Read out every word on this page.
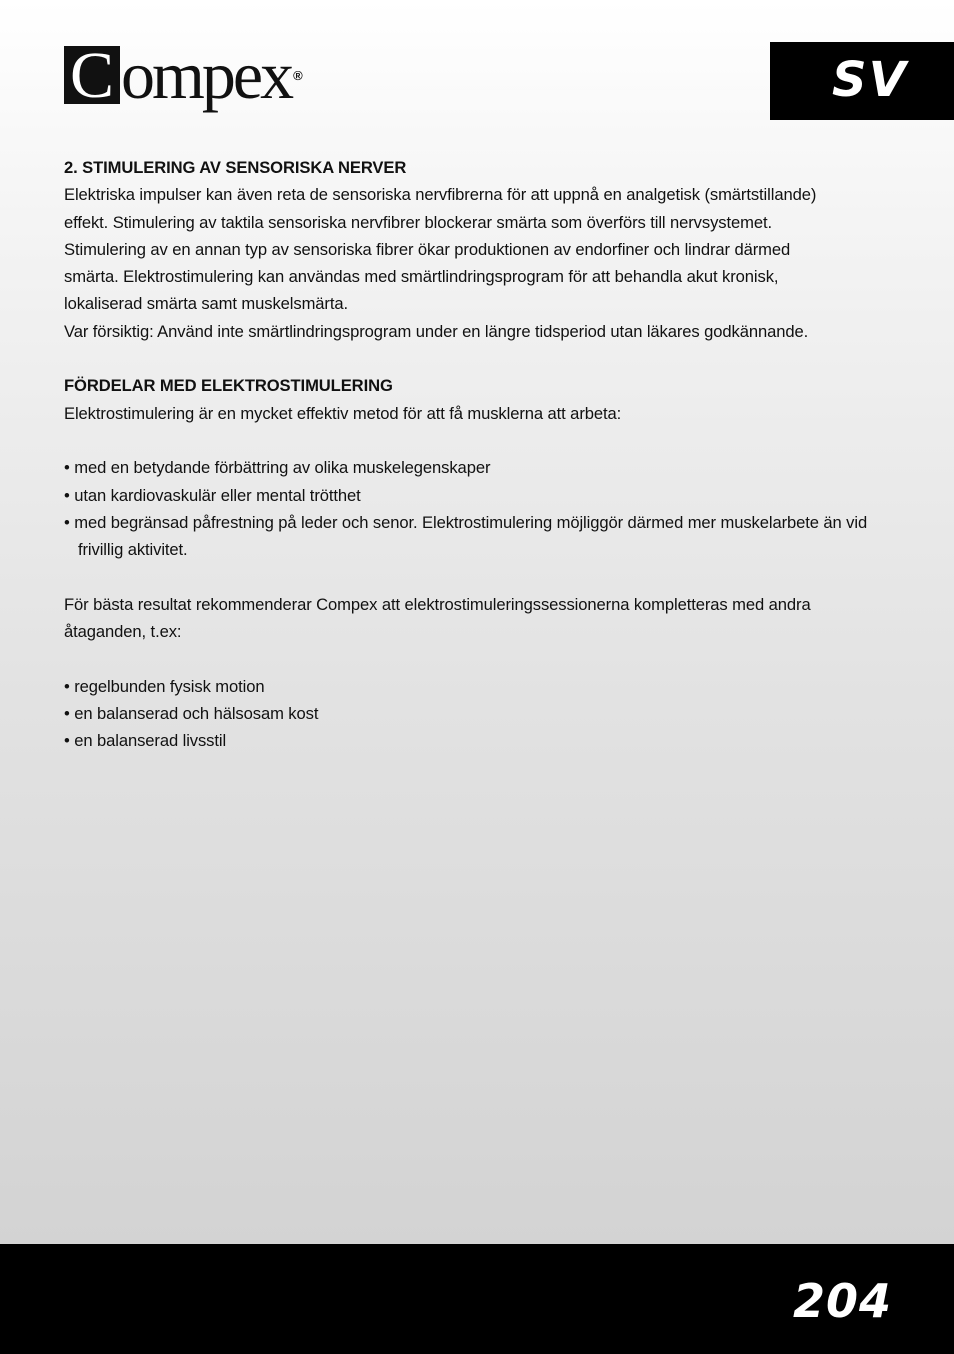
C ompex ®	SV

2. STIMULERING AV SENSORISKA NERVER

Elektriska impulser kan även reta de sensoriska nervfibrerna för att uppnå en analgetisk (smärtstillande)

effekt. Stimulering av taktila sensoriska nervfibrer blockerar smärta som överförs till nervsystemet.

Stimulering av en annan typ av sensoriska fibrer ökar produktionen av endorfiner och lindrar därmed

smärta. Elektrostimulering kan användas med smärtlindringsprogram för att behandla akut kronisk,

lokaliserad smärta samt muskelsmärta.

Var försiktig: Använd inte smärtlindringsprogram under en längre tidsperiod utan läkares godkännande.

FÖRDELAR MED ELEKTROSTIMULERING

Elektrostimulering är en mycket effektiv metod för att få musklerna att arbeta:

• med en betydande förbättring av olika muskelegenskaper

• utan kardiovaskulär eller mental trötthet

• med begränsad påfrestning på leder och senor. Elektrostimulering möjliggör därmed mer muskelarbete än vid frivillig aktivitet.

För bästa resultat rekommenderar Compex att elektrostimuleringssessionerna kompletteras med andra åtaganden, t.ex:

• regelbunden fysisk motion

• en balanserad och hälsosam kost

• en balanserad livsstil

204
